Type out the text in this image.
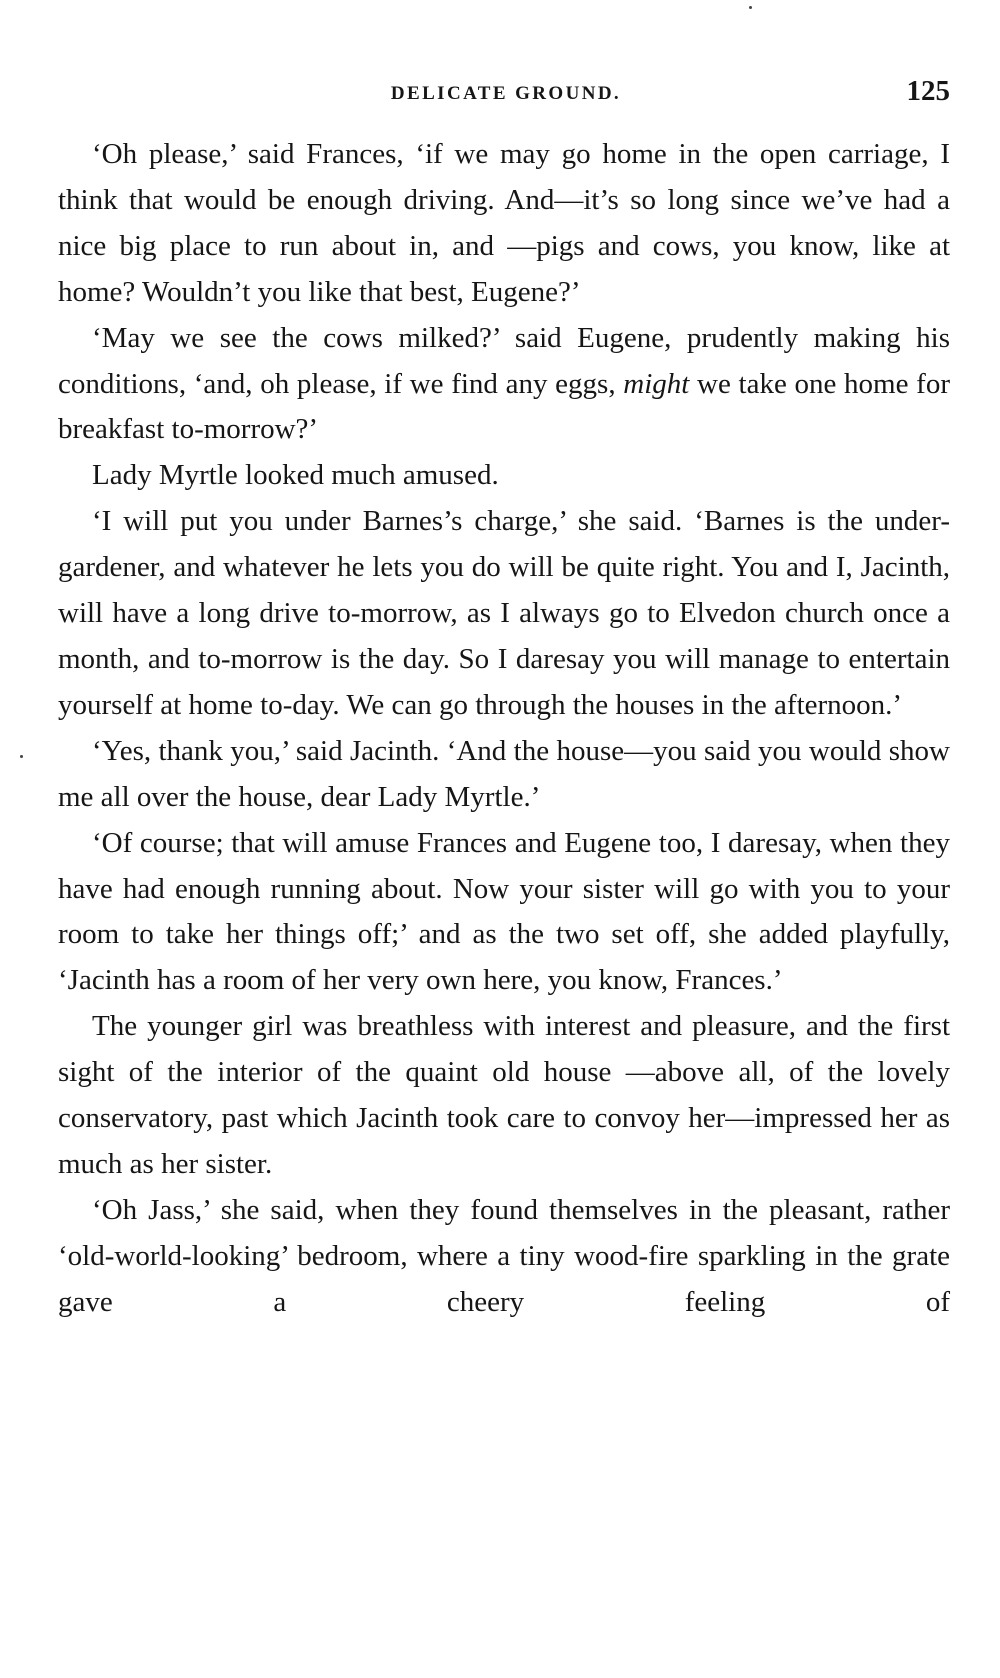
DELICATE GROUND.	125

‘Oh please,’ said Frances, ‘if we may go home in the open carriage, I think that would be enough driving. And—it’s so long since we’ve had a nice big place to run about in, and —pigs and cows, you know, like at home? Wouldn’t you like that best, Eugene?’

‘May we see the cows milked?’ said Eugene, prudently making his conditions, ‘and, oh please, if we find any eggs, might we take one home for breakfast to-morrow?’

Lady Myrtle looked much amused.

‘I will put you under Barnes’s charge,’ she said. ‘Barnes is the under-gardener, and whatever he lets you do will be quite right. You and I, Jacinth, will have a long drive to-morrow, as I always go to Elvedon church once a month, and to-morrow is the day. So I daresay you will manage to entertain yourself at home to-day. We can go through the houses in the afternoon.’

‘Yes, thank you,’ said Jacinth. ‘And the house—you said you would show me all over the house, dear Lady Myrtle.’

‘Of course; that will amuse Frances and Eugene too, I daresay, when they have had enough running about. Now your sister will go with you to your room to take her things off;’ and as the two set off, she added playfully, ‘Jacinth has a room of her very own here, you know, Frances.’

The younger girl was breathless with interest and pleasure, and the first sight of the interior of the quaint old house —above all, of the lovely conservatory, past which Jacinth took care to convoy her—impressed her as much as her sister.

‘Oh Jass,’ she said, when they found themselves in the pleasant, rather ‘old-world-looking’ bedroom, where a tiny wood-fire sparkling in the grate gave a cheery feeling of
